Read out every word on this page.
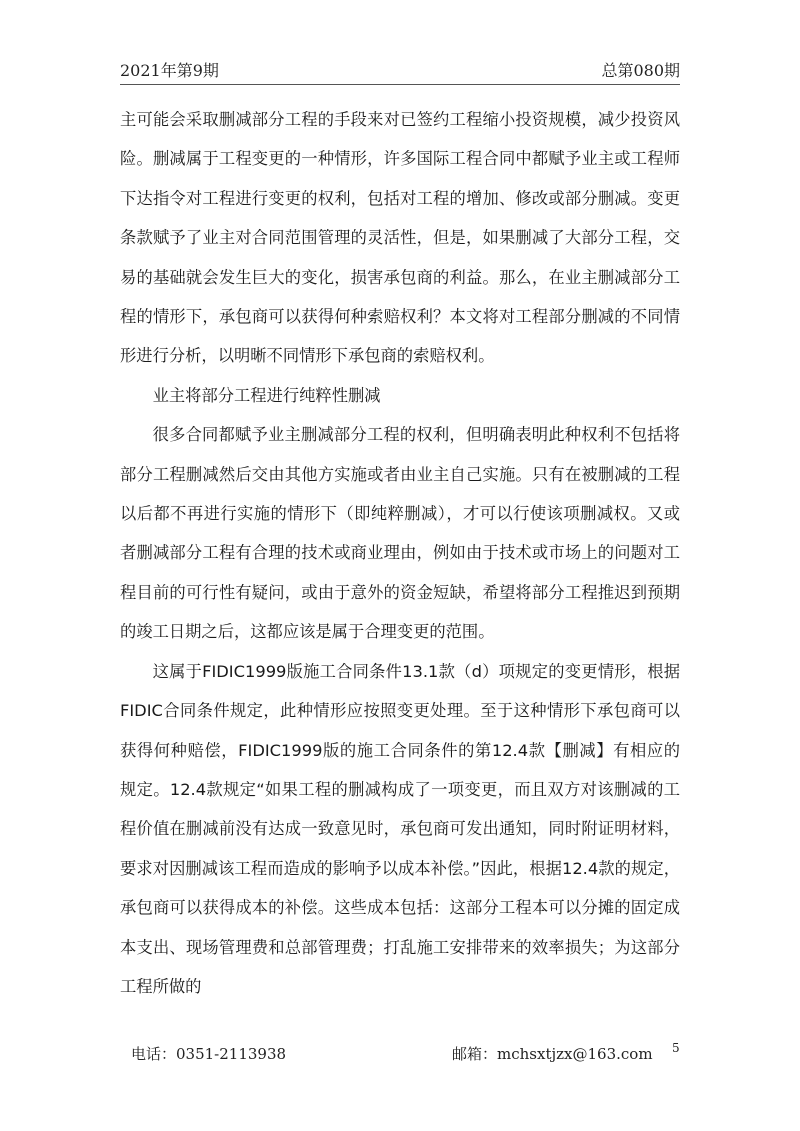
2021年第9期	总第080期

主可能会采取删减部分工程的手段来对已签约工程缩小投资规模，减少投资风险。删减属于工程变更的一种情形，许多国际工程合同中都赋予业主或工程师下达指令对工程进行变更的权利，包括对工程的增加、修改或部分删减。变更条款赋予了业主对合同范围管理的灵活性，但是，如果删减了大部分工程，交易的基础就会发生巨大的变化，损害承包商的利益。那么，在业主删减部分工程的情形下，承包商可以获得何种索赔权利？本文将对工程部分删减的不同情形进行分析，以明晰不同情形下承包商的索赔权利。

业主将部分工程进行纯粹性删减

很多合同都赋予业主删减部分工程的权利，但明确表明此种权利不包括将部分工程删减然后交由其他方实施或者由业主自己实施。只有在被删减的工程以后都不再进行实施的情形下（即纯粹删减），才可以行使该项删减权。又或者删减部分工程有合理的技术或商业理由，例如由于技术或市场上的问题对工程目前的可行性有疑问，或由于意外的资金短缺，希望将部分工程推迟到预期的竣工日期之后，这都应该是属于合理变更的范围。

这属于FIDIC1999版施工合同条件13.1款（d）项规定的变更情形，根据FIDIC合同条件规定，此种情形应按照变更处理。至于这种情形下承包商可以获得何种赔偿，FIDIC1999版的施工合同条件的第12.4款【删减】有相应的规定。12.4款规定“如果工程的删减构成了一项变更，而且双方对该删减的工程价值在删减前没有达成一致意见时，承包商可发出通知，同时附证明材料，要求对因删减该工程而造成的影响予以成本补偿。”因此，根据12.4款的规定，承包商可以获得成本的补偿。这些成本包括：这部分工程本可以分摊的固定成本支出、现场管理费和总部管理费；打乱施工安排带来的效率损失；为这部分工程所做的

电话：0351-2113938	邮箱：mchsxtjzx@163.com 5
